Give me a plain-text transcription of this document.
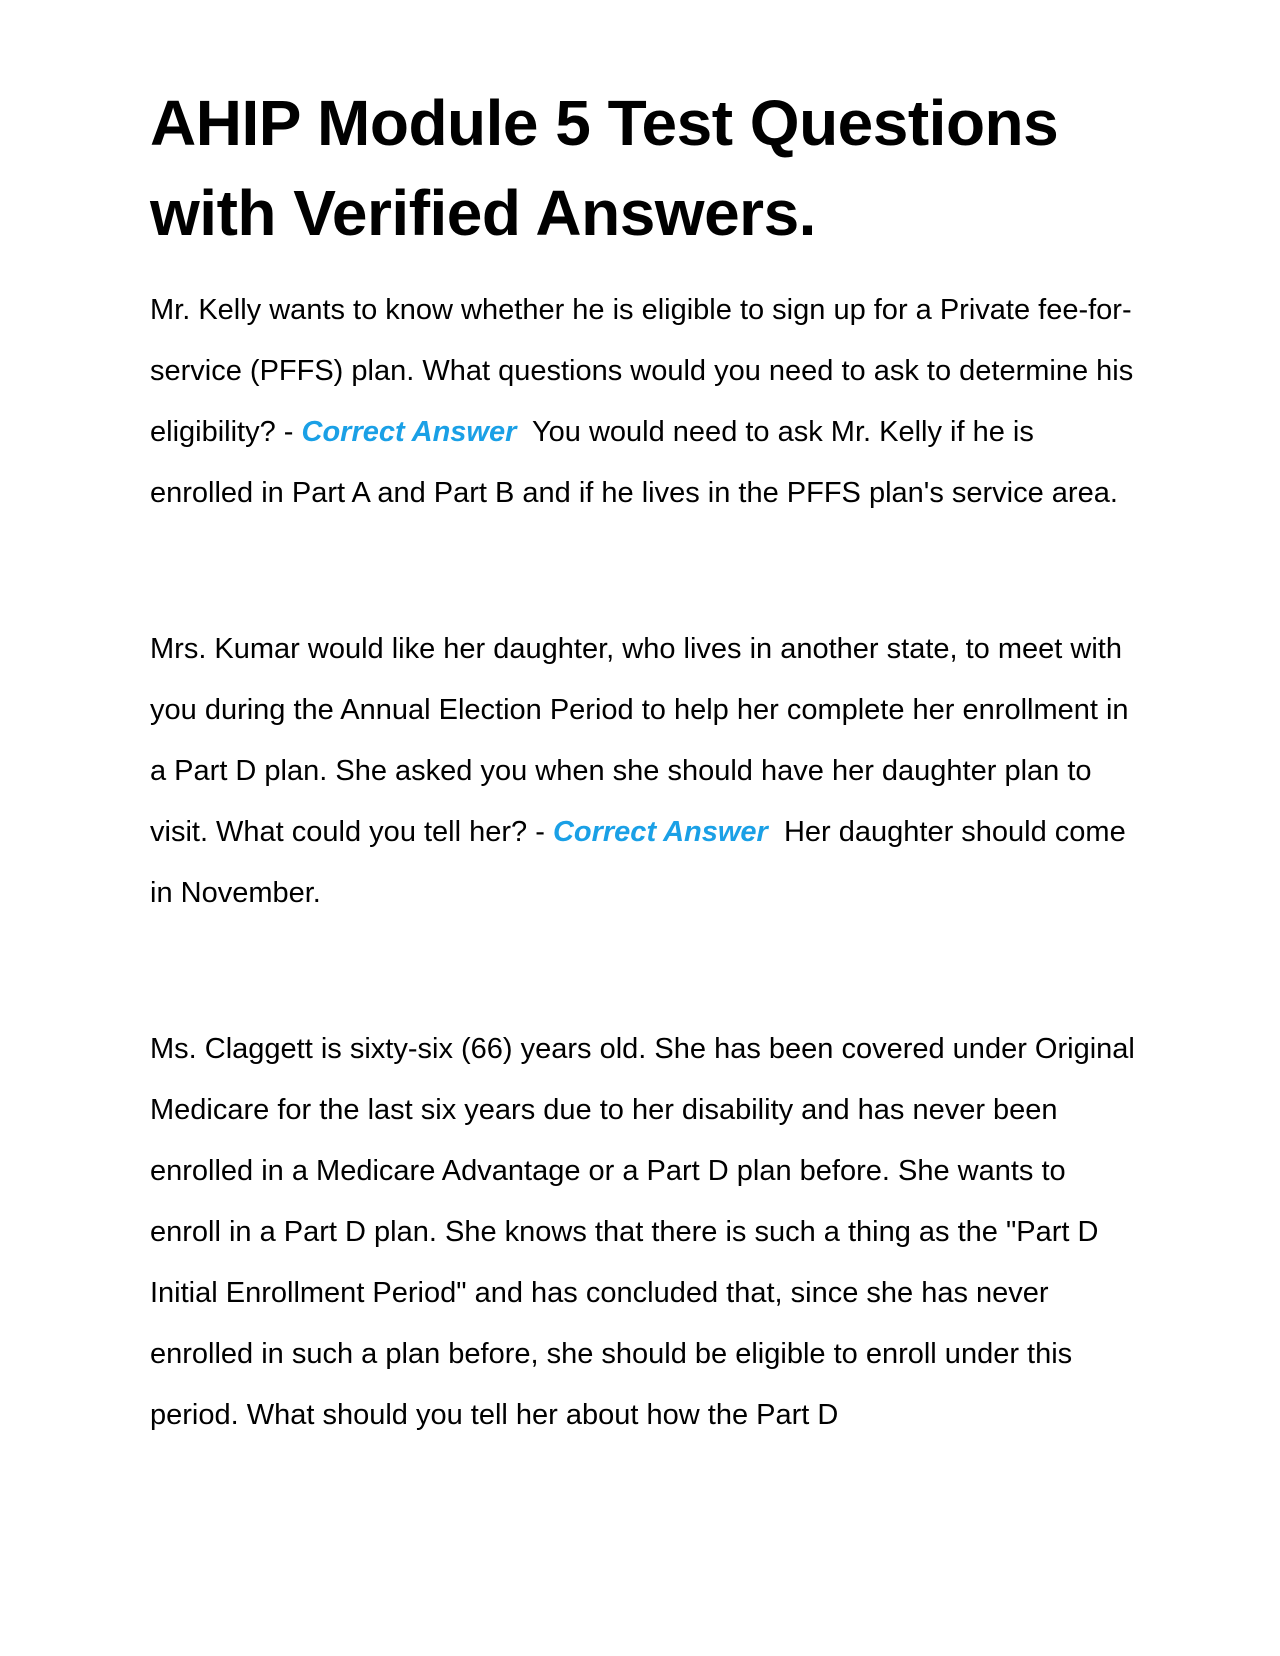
AHIP Module 5 Test Questions with Verified Answers.

Mr. Kelly wants to know whether he is eligible to sign up for a Private fee-for-service (PFFS) plan. What questions would you need to ask to determine his eligibility? - Correct Answer  You would need to ask Mr. Kelly if he is enrolled in Part A and Part B and if he lives in the PFFS plan's service area.

Mrs. Kumar would like her daughter, who lives in another state, to meet with you during the Annual Election Period to help her complete her enrollment in a Part D plan. She asked you when she should have her daughter plan to visit. What could you tell her? - Correct Answer  Her daughter should come in November.

Ms. Claggett is sixty-six (66) years old. She has been covered under Original Medicare for the last six years due to her disability and has never been enrolled in a Medicare Advantage or a Part D plan before. She wants to enroll in a Part D plan. She knows that there is such a thing as the "Part D Initial Enrollment Period" and has concluded that, since she has never enrolled in such a plan before, she should be eligible to enroll under this period. What should you tell her about how the Part D
